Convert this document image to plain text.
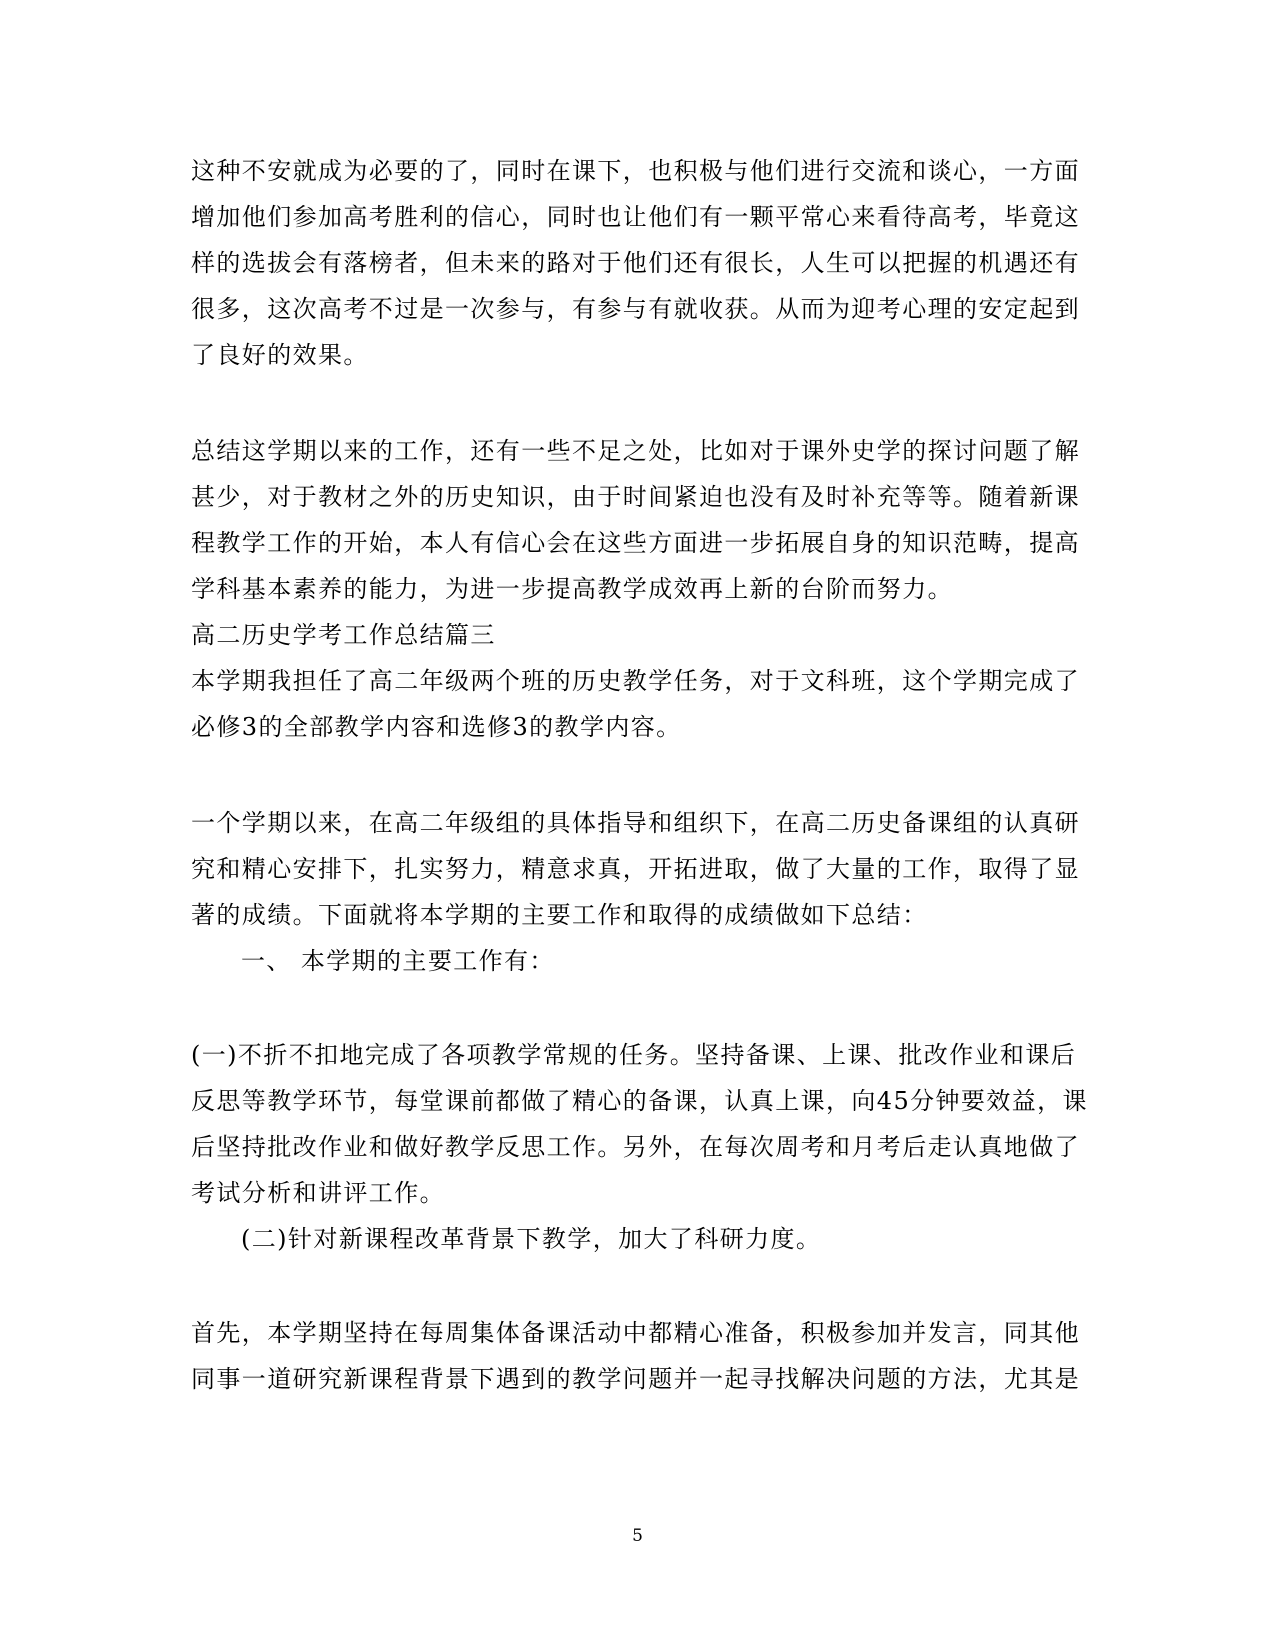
这种不安就成为必要的了，同时在课下，也积极与他们进行交流和谈心，一方面
增加他们参加高考胜利的信心，同时也让他们有一颗平常心来看待高考，毕竟这
样的选拔会有落榜者，但未来的路对于他们还有很长，人生可以把握的机遇还有
很多，这次高考不过是一次参与，有参与有就收获。从而为迎考心理的安定起到
了良好的效果。
总结这学期以来的工作，还有一些不足之处，比如对于课外史学的探讨问题了解
甚少，对于教材之外的历史知识，由于时间紧迫也没有及时补充等等。随着新课
程教学工作的开始，本人有信心会在这些方面进一步拓展自身的知识范畴，提高
学科基本素养的能力，为进一步提高教学成效再上新的台阶而努力。
高二历史学考工作总结篇三
本学期我担任了高二年级两个班的历史教学任务，对于文科班，这个学期完成了
必修3的全部教学内容和选修3的教学内容。
一个学期以来，在高二年级组的具体指导和组织下，在高二历史备课组的认真研
究和精心安排下，扎实努力，精意求真，开拓进取，做了大量的工作，取得了显
著的成绩。下面就将本学期的主要工作和取得的成绩做如下总结：
一、 本学期的主要工作有：
(一)不折不扣地完成了各项教学常规的任务。坚持备课、上课、批改作业和课后
反思等教学环节，每堂课前都做了精心的备课，认真上课，向45分钟要效益，课
后坚持批改作业和做好教学反思工作。另外，在每次周考和月考后走认真地做了
考试分析和讲评工作。
(二)针对新课程改革背景下教学，加大了科研力度。
首先，本学期坚持在每周集体备课活动中都精心准备，积极参加并发言，同其他
同事一道研究新课程背景下遇到的教学问题并一起寻找解决问题的方法，尤其是
5
